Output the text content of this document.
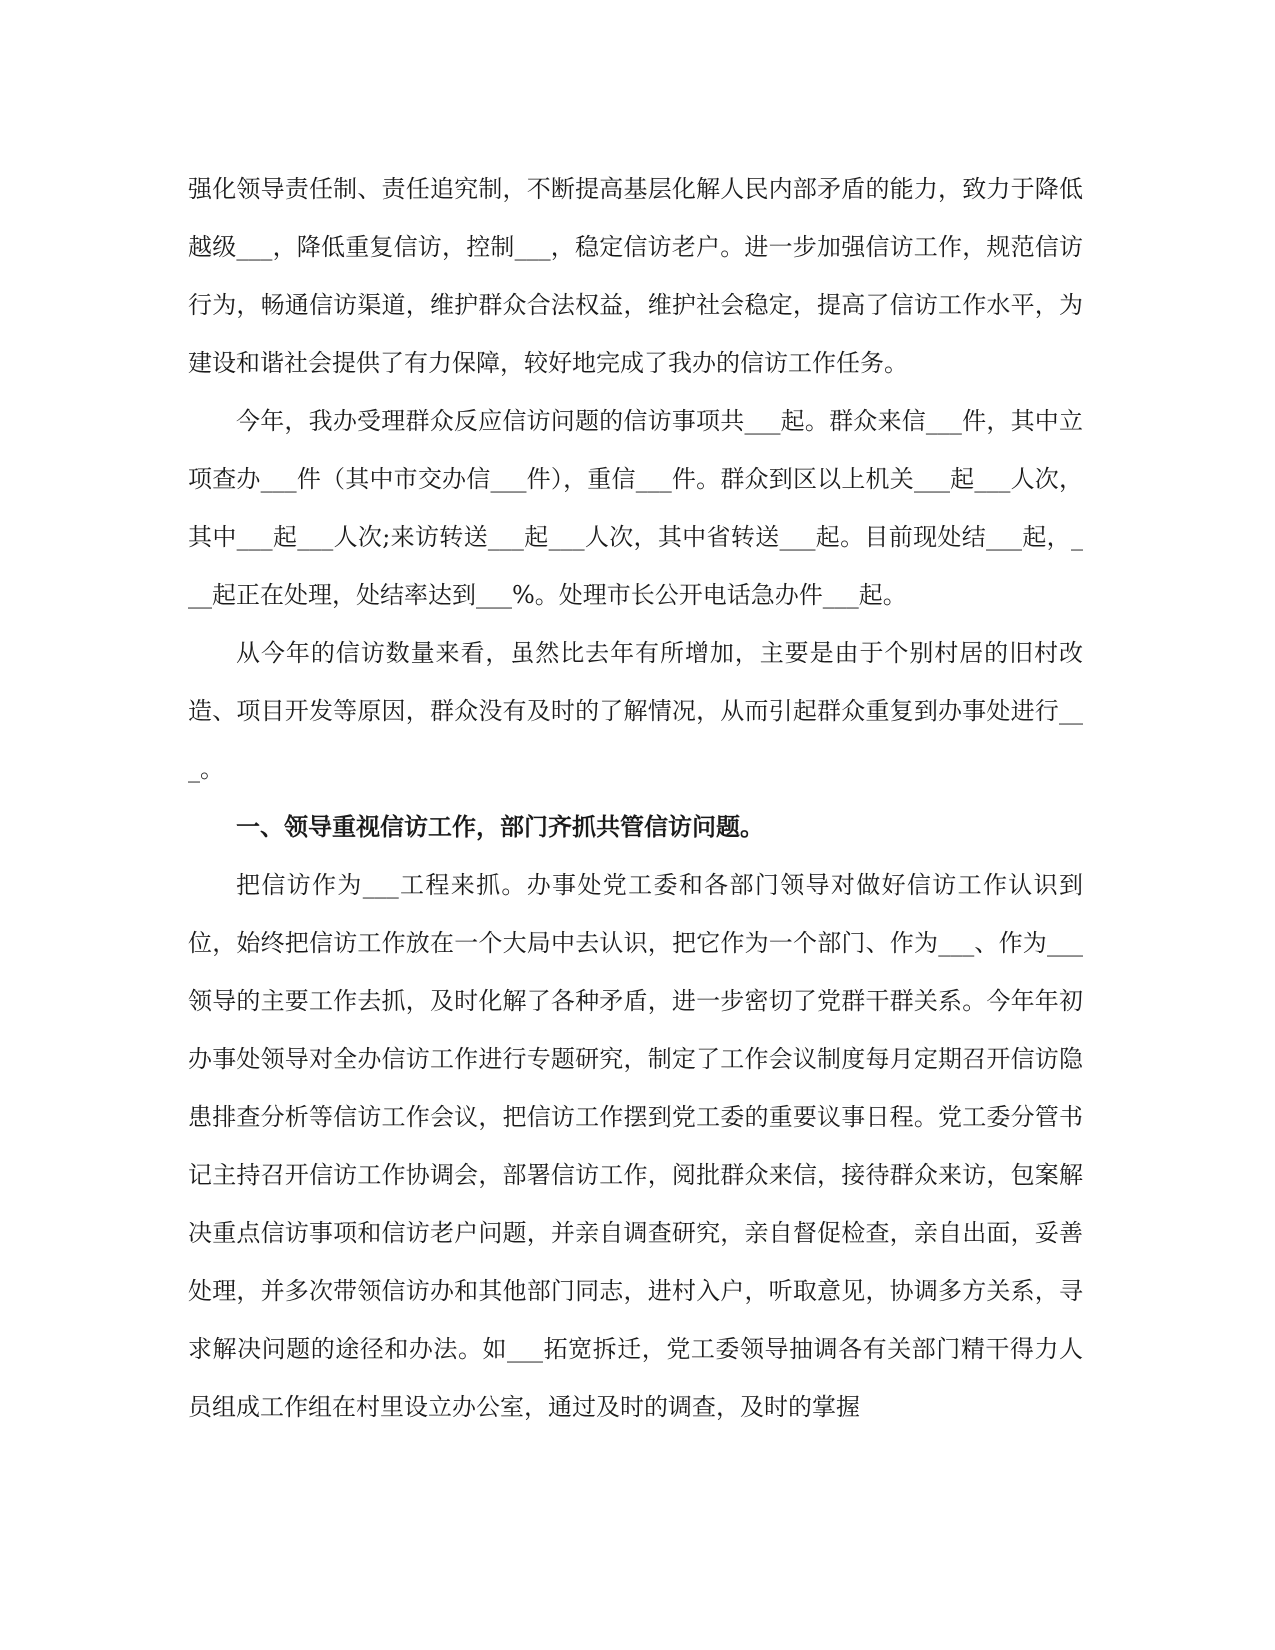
强化领导责任制、责任追究制，不断提高基层化解人民内部矛盾的能力，致力于降低越级___，降低重复信访，控制___，稳定信访老户。进一步加强信访工作，规范信访行为，畅通信访渠道，维护群众合法权益，维护社会稳定，提高了信访工作水平，为建设和谐社会提供了有力保障，较好地完成了我办的信访工作任务。

今年，我办受理群众反应信访问题的信访事项共___起。群众来信___件，其中立项查办___件（其中市交办信___件），重信___件。群众到区以上机关___起___人次，其中___起___人次;来访转送___起___人次，其中省转送___起。目前现处结___起，___起正在处理，处结率达到___%。处理市长公开电话急办件___起。

从今年的信访数量来看，虽然比去年有所增加，主要是由于个别村居的旧村改造、项目开发等原因，群众没有及时的了解情况，从而引起群众重复到办事处进行___。

一、领导重视信访工作，部门齐抓共管信访问题。

把信访作为___工程来抓。办事处党工委和各部门领导对做好信访工作认识到位，始终把信访工作放在一个大局中去认识，把它作为一个部门、作为___、作为___领导的主要工作去抓，及时化解了各种矛盾，进一步密切了党群干群关系。今年年初办事处领导对全办信访工作进行专题研究，制定了工作会议制度每月定期召开信访隐患排查分析等信访工作会议，把信访工作摆到党工委的重要议事日程。党工委分管书记主持召开信访工作协调会，部署信访工作，阅批群众来信，接待群众来访，包案解决重点信访事项和信访老户问题，并亲自调查研究，亲自督促检查，亲自出面，妥善处理，并多次带领信访办和其他部门同志，进村入户，听取意见，协调多方关系，寻求解决问题的途径和办法。如___拓宽拆迁，党工委领导抽调各有关部门精干得力人员组成工作组在村里设立办公室，通过及时的调查，及时的掌握
